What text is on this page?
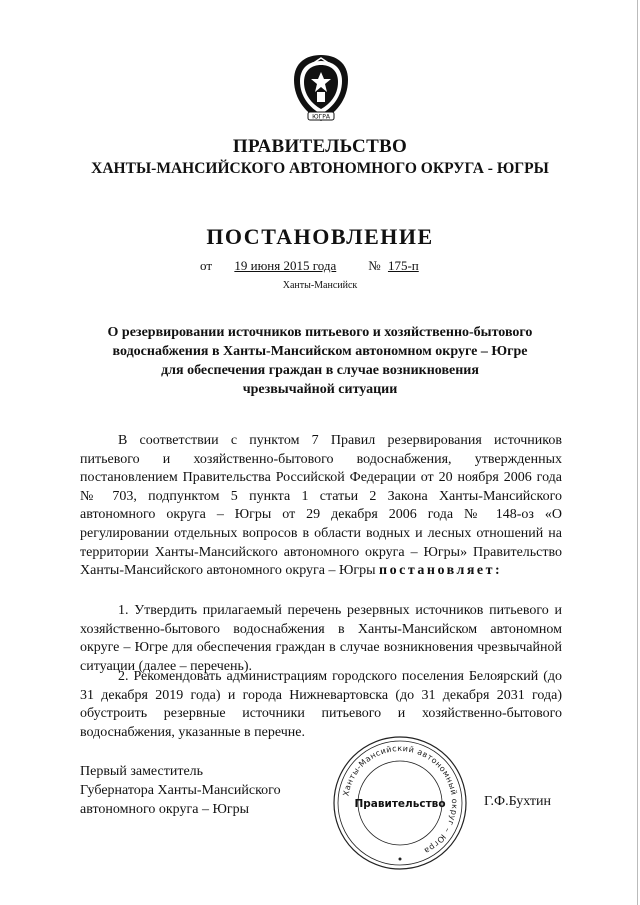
ЮГРА
ПРАВИТЕЛЬСТВО
ХАНТЫ-МАНСИЙСКОГО АВТОНОМНОГО ОКРУГА - ЮГРЫ
ПОСТАНОВЛЕНИЕ
от 19 июня 2015 года № 175-п
Ханты-Мансийск
О резервировании источников питьевого и хозяйственно-бытового
водоснабжения в Ханты-Мансийском автономном округе – Югре
для обеспечения граждан в случае возникновения
чрезвычайной ситуации
В соответствии с пунктом 7 Правил резервирования источников питьевого и хозяйственно-бытового водоснабжения, утвержденных постановлением Правительства Российской Федерации от 20 ноября 2006 года № 703, подпунктом 5 пункта 1 статьи 2 Закона Ханты-Мансийского автономного округа – Югры от 29 декабря 2006 года № 148-оз «О регулировании отдельных вопросов в области водных и лесных отношений на территории Ханты-Мансийского автономного округа – Югры» Правительство Ханты-Мансийского автономного округа – Югры постановляет:
1. Утвердить прилагаемый перечень резервных источников питьевого и хозяйственно-бытового водоснабжения в Ханты-Мансийском автономном округе – Югре для обеспечения граждан в случае возникновения чрезвычайной ситуации (далее – перечень).
2. Рекомендовать администрациям городского поселения Белоярский (до 31 декабря 2019 года) и города Нижневартовска (до 31 декабря 2031 года) обустроить резервные источники питьевого и хозяйственно-бытового водоснабжения, указанные в перечне.
Первый заместитель
Губернатора Ханты-Мансийского
автономного округа – Югры
Ханты-Мансийский автономный округ – Югра
Правительство	Г.Ф.Бухтин
